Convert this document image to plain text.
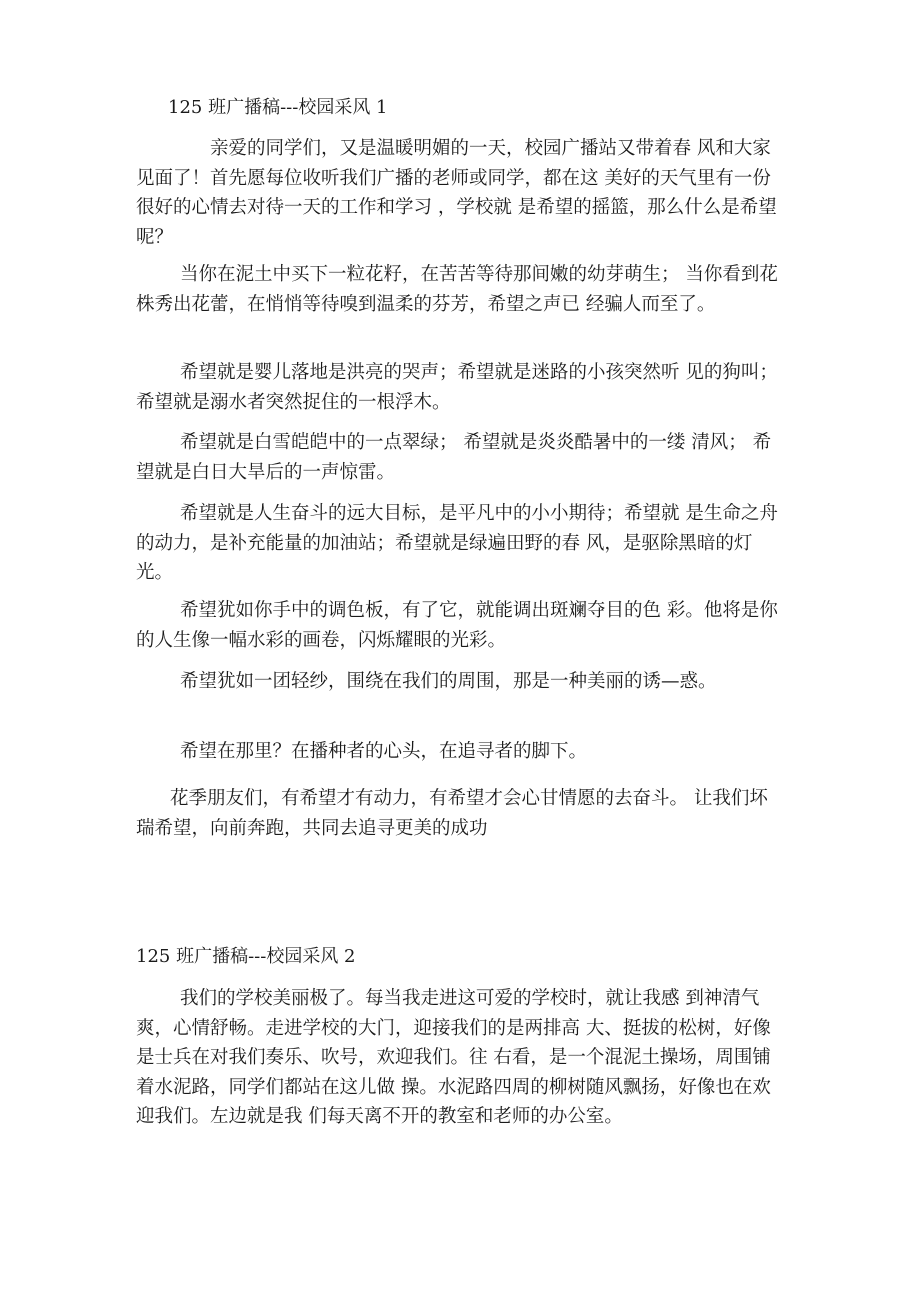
125 班广播稿---校园采风 1

亲爱的同学们，又是温暖明媚的一天，校园广播站又带着春 风和大家见面了！首先愿每位收听我们广播的老师或同学，都在这 美好的天气里有一份很好的心情去对待一天的工作和学习 ，学校就 是希望的摇篮，那么什么是希望呢？

当你在泥土中买下一粒花籽，在苦苦等待那间嫩的幼芽萌生； 当你看到花株秀出花蕾，在悄悄等待嗅到温柔的芬芳，希望之声已 经骗人而至了。

希望就是婴儿落地是洪亮的哭声；希望就是迷路的小孩突然听 见的狗叫；希望就是溺水者突然捉住的一根浮木。

希望就是白雪皑皑中的一点翠绿； 希望就是炎炎酷暑中的一缕 清风； 希望就是白日大旱后的一声惊雷。

希望就是人生奋斗的远大目标，是平凡中的小小期待；希望就 是生命之舟的动力，是补充能量的加油站；希望就是绿遍田野的春 风，是驱除黑暗的灯光。

希望犹如你手中的调色板，有了它，就能调出斑斓夺目的色 彩。他将是你的人生像一幅水彩的画卷，闪烁耀眼的光彩。

希望犹如一团轻纱，围绕在我们的周围，那是一种美丽的诱—惑。

希望在那里？在播种者的心头，在追寻者的脚下。

花季朋友们，有希望才有动力，有希望才会心甘情愿的去奋斗。 让我们坏瑞希望，向前奔跑，共同去追寻更美的成功

125 班广播稿---校园采风 2

我们的学校美丽极了。每当我走进这可爱的学校时，就让我感 到神清气爽，心情舒畅。走进学校的大门，迎接我们的是两排高 大、挺拔的松树，好像是士兵在对我们奏乐、吹号，欢迎我们。往 右看，是一个混泥土操场，周围铺着水泥路，同学们都站在这儿做 操。水泥路四周的柳树随风飘扬，好像也在欢迎我们。左边就是我 们每天离不开的教室和老师的办公室。
